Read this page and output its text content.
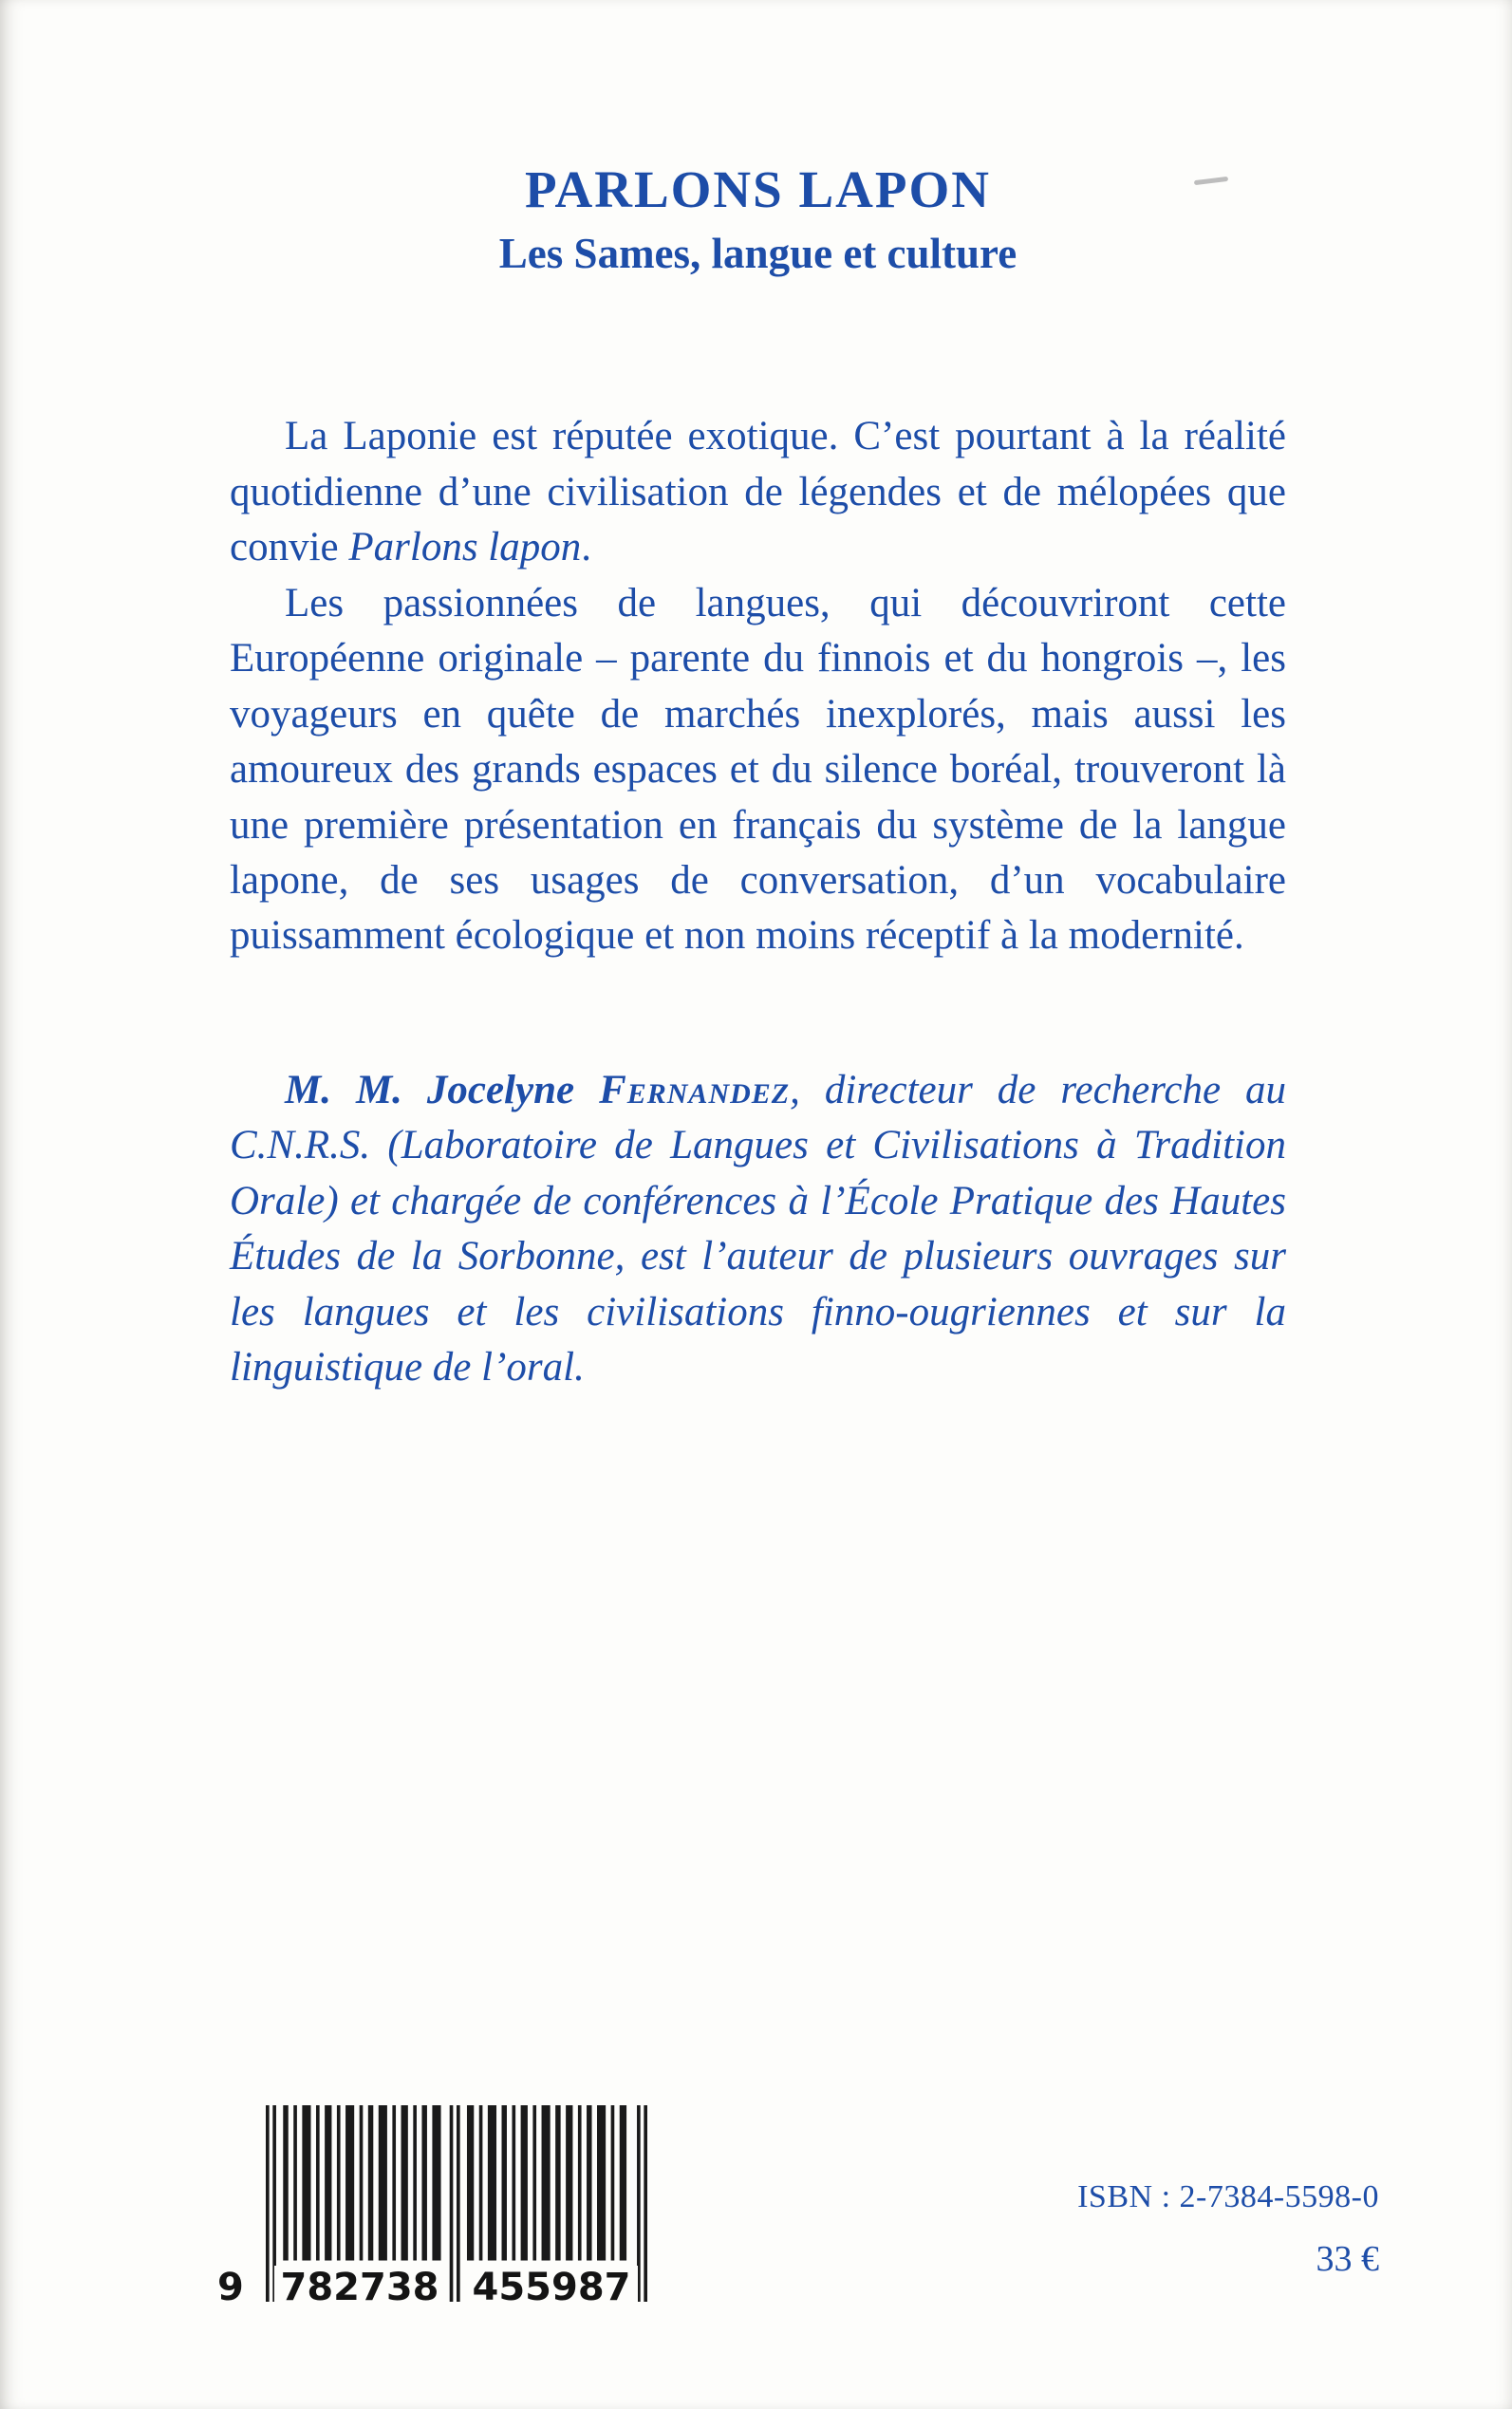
PARLONS LAPON
Les Sames, langue et culture

La Laponie est réputée exotique. C’est pourtant à la réalité quotidienne d’une civilisation de légendes et de mélopées que convie Parlons lapon.

Les passionnées de langues, qui découvriront cette Européenne originale – parente du finnois et du hongrois –, les voyageurs en quête de marchés inexplorés, mais aussi les amoureux des grands espaces et du silence boréal, trouveront là une première présentation en français du système de la langue lapone, de ses usages de conversation, d’un vocabulaire puissamment écologique et non moins réceptif à la modernité.

M. M. Jocelyne Fernandez, directeur de recherche au C.N.R.S. (Laboratoire de Langues et Civilisations à Tradition Orale) et chargée de conférences à l’École Pratique des Hautes Études de la Sorbonne, est l’auteur de plusieurs ouvrages sur les langues et les civilisations finno-ougriennes et sur la linguistique de l’oral.

9 782738 455987
ISBN : 2-7384-5598-0
33 €
